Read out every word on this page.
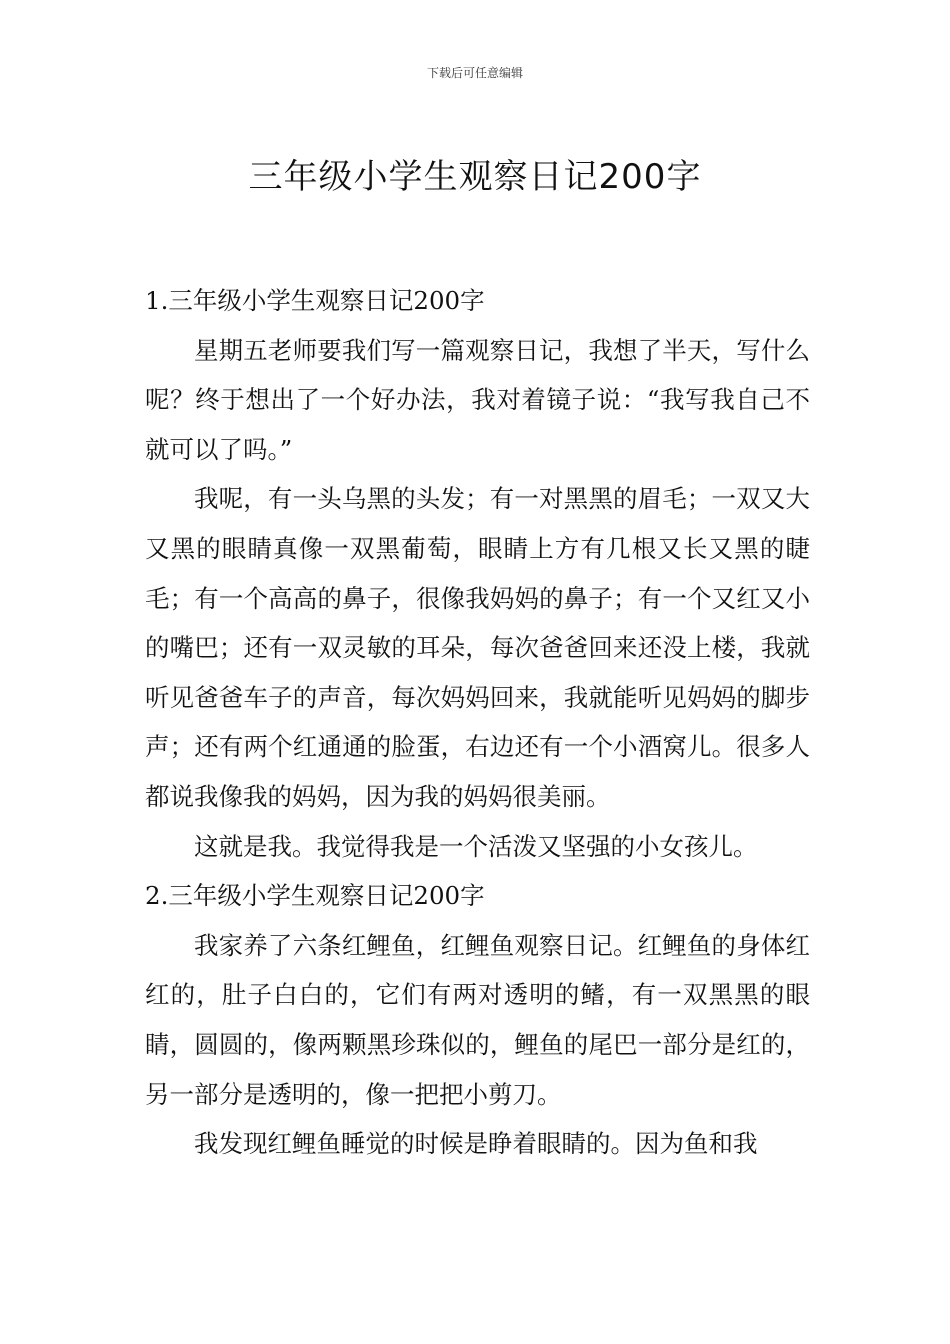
下载后可任意编辑
三年级小学生观察日记200字

1.三年级小学生观察日记200字

星期五老师要我们写一篇观察日记，我想了半天，写什么呢？终于想出了一个好办法，我对着镜子说：“我写我自己不就可以了吗。”

我呢，有一头乌黑的头发；有一对黑黑的眉毛；一双又大又黑的眼睛真像一双黑葡萄，眼睛上方有几根又长又黑的睫毛；有一个高高的鼻子，很像我妈妈的鼻子；有一个又红又小的嘴巴；还有一双灵敏的耳朵，每次爸爸回来还没上楼，我就听见爸爸车子的声音，每次妈妈回来，我就能听见妈妈的脚步声；还有两个红通通的脸蛋，右边还有一个小酒窝儿。很多人都说我像我的妈妈，因为我的妈妈很美丽。

这就是我。我觉得我是一个活泼又坚强的小女孩儿。

2.三年级小学生观察日记200字

我家养了六条红鲤鱼，红鲤鱼观察日记。红鲤鱼的身体红红的，肚子白白的，它们有两对透明的鳍，有一双黑黑的眼睛，圆圆的，像两颗黑珍珠似的，鲤鱼的尾巴一部分是红的，另一部分是透明的，像一把把小剪刀。

我发现红鲤鱼睡觉的时候是睁着眼睛的。因为鱼和我
